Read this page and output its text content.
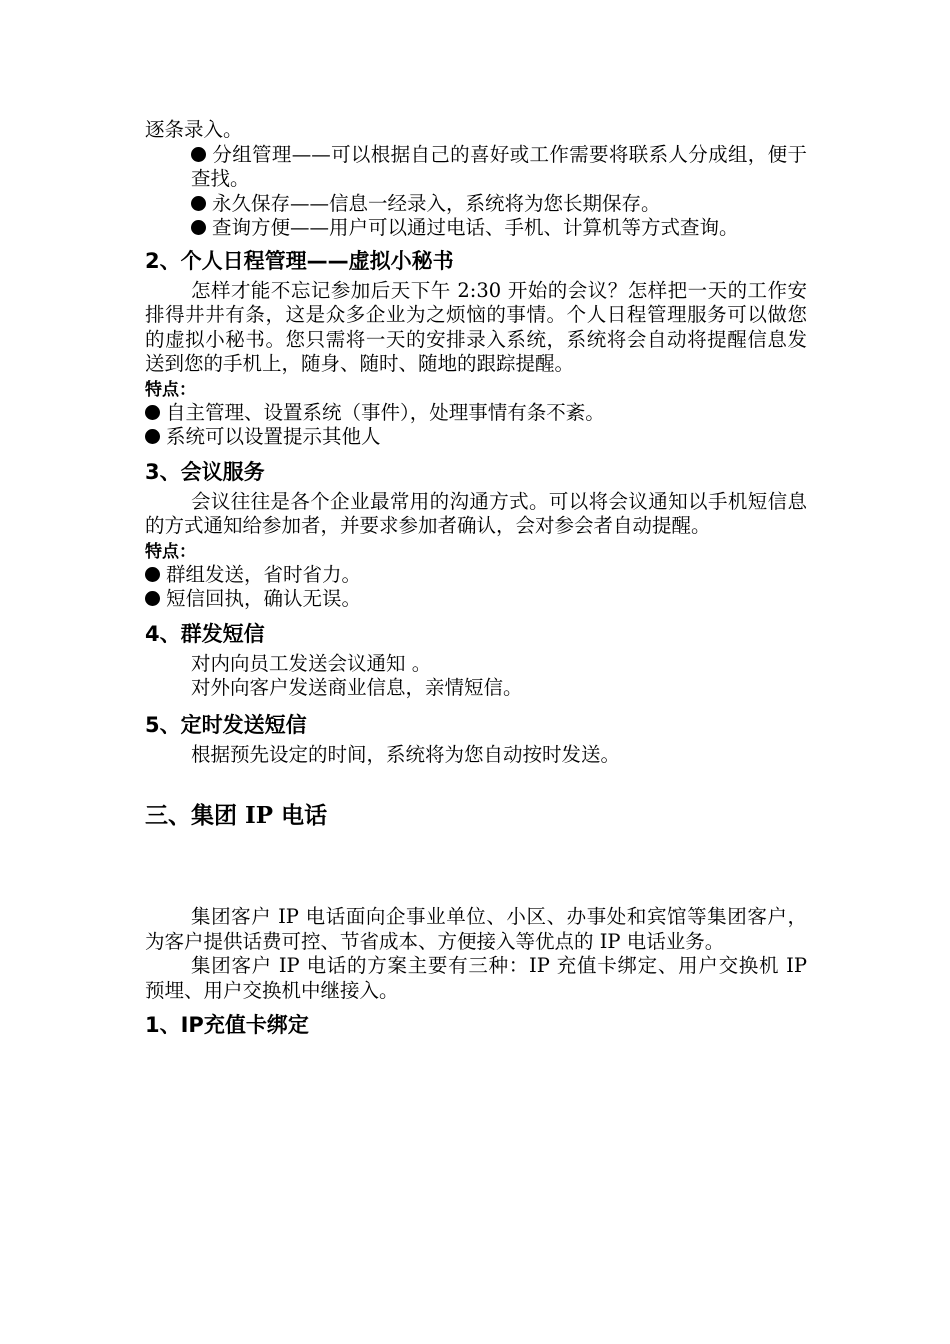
逐条录入。

分组管理——可以根据自己的喜好或工作需要将联系人分成组，便于查找。

永久保存——信息一经录入，系统将为您长期保存。

查询方便——用户可以通过电话、手机、计算机等方式查询。

2、个人日程管理——虚拟小秘书

怎样才能不忘记参加后天下午 2:30 开始的会议？怎样把一天的工作安排得井井有条，这是众多企业为之烦恼的事情。个人日程管理服务可以做您的虚拟小秘书。您只需将一天的安排录入系统，系统将会自动将提醒信息发送到您的手机上，随身、随时、随地的跟踪提醒。

特点：

自主管理、设置系统（事件），处理事情有条不紊。

系统可以设置提示其他人

3、会议服务

会议往往是各个企业最常用的沟通方式。可以将会议通知以手机短信息的方式通知给参加者，并要求参加者确认，会对参会者自动提醒。

特点：

群组发送，省时省力。

短信回执，确认无误。

4、群发短信

对内向员工发送会议通知 。

对外向客户发送商业信息，亲情短信。

5、定时发送短信

根据预先设定的时间，系统将为您自动按时发送。

三、集团 IP 电话

集团客户 IP 电话面向企事业单位、小区、办事处和宾馆等集团客户，为客户提供话费可控、节省成本、方便接入等优点的 IP 电话业务。

集团客户 IP 电话的方案主要有三种：IP 充值卡绑定、用户交换机 IP 预埋、用户交换机中继接入。

1、IP充值卡绑定
